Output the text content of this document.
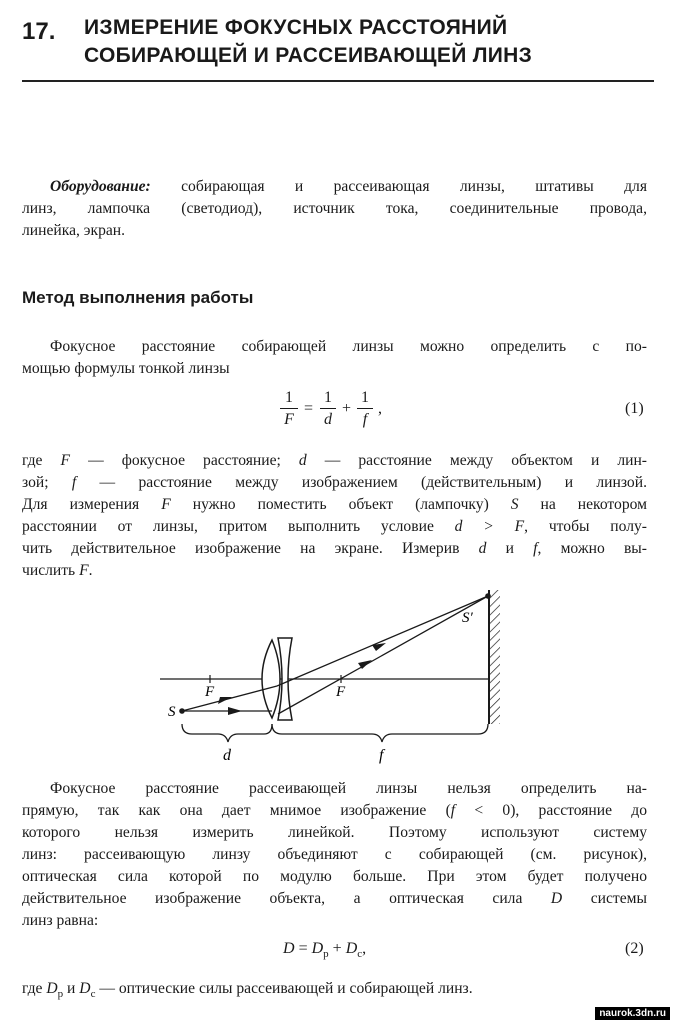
17. ИЗМЕРЕНИЕ ФОКУСНЫХ РАССТОЯНИЙ
СОБИРАЮЩЕЙ И РАССЕИВАЮЩЕЙ ЛИНЗ
Оборудование: собирающая и рассеивающая линзы, штативы для
линз, лампочка (светодиод), источник тока, соединительные провода,
линейка, экран.
Метод выполнения работы
Фокусное расстояние собирающей линзы можно определить с по-
мощью формулы тонкой линзы
1
F
=
1
d
+
1
f
,	(1)
где F — фокусное расстояние; d — расстояние между объектом и лин-
зой; f — расстояние между изображением (действительным) и линзой.
Для измерения F нужно поместить объект (лампочку) S на некотором
расстоянии от линзы, притом выполнить условие d > F, чтобы полу-
чить действительное изображение на экране. Измерив d и f, можно вы-
числить F.
S
S′
F	F
d	f
Фокусное расстояние рассеивающей линзы нельзя определить на-
прямую, так как она дает мнимое изображение (f < 0), расстояние до
которого нельзя измерить линейкой. Поэтому используют систему
линз: рассеивающую линзу объединяют с собирающей (см. рисунок),
оптическая сила которой по модулю больше. При этом будет получено
действительное изображение объекта, а оптическая сила D системы
линз равна:
$D = D_р + D_с$,	(2)
где $D_р$ и $D_с$ — оптические силы рассеивающей и собирающей линз.
naurok.3dn.ru
